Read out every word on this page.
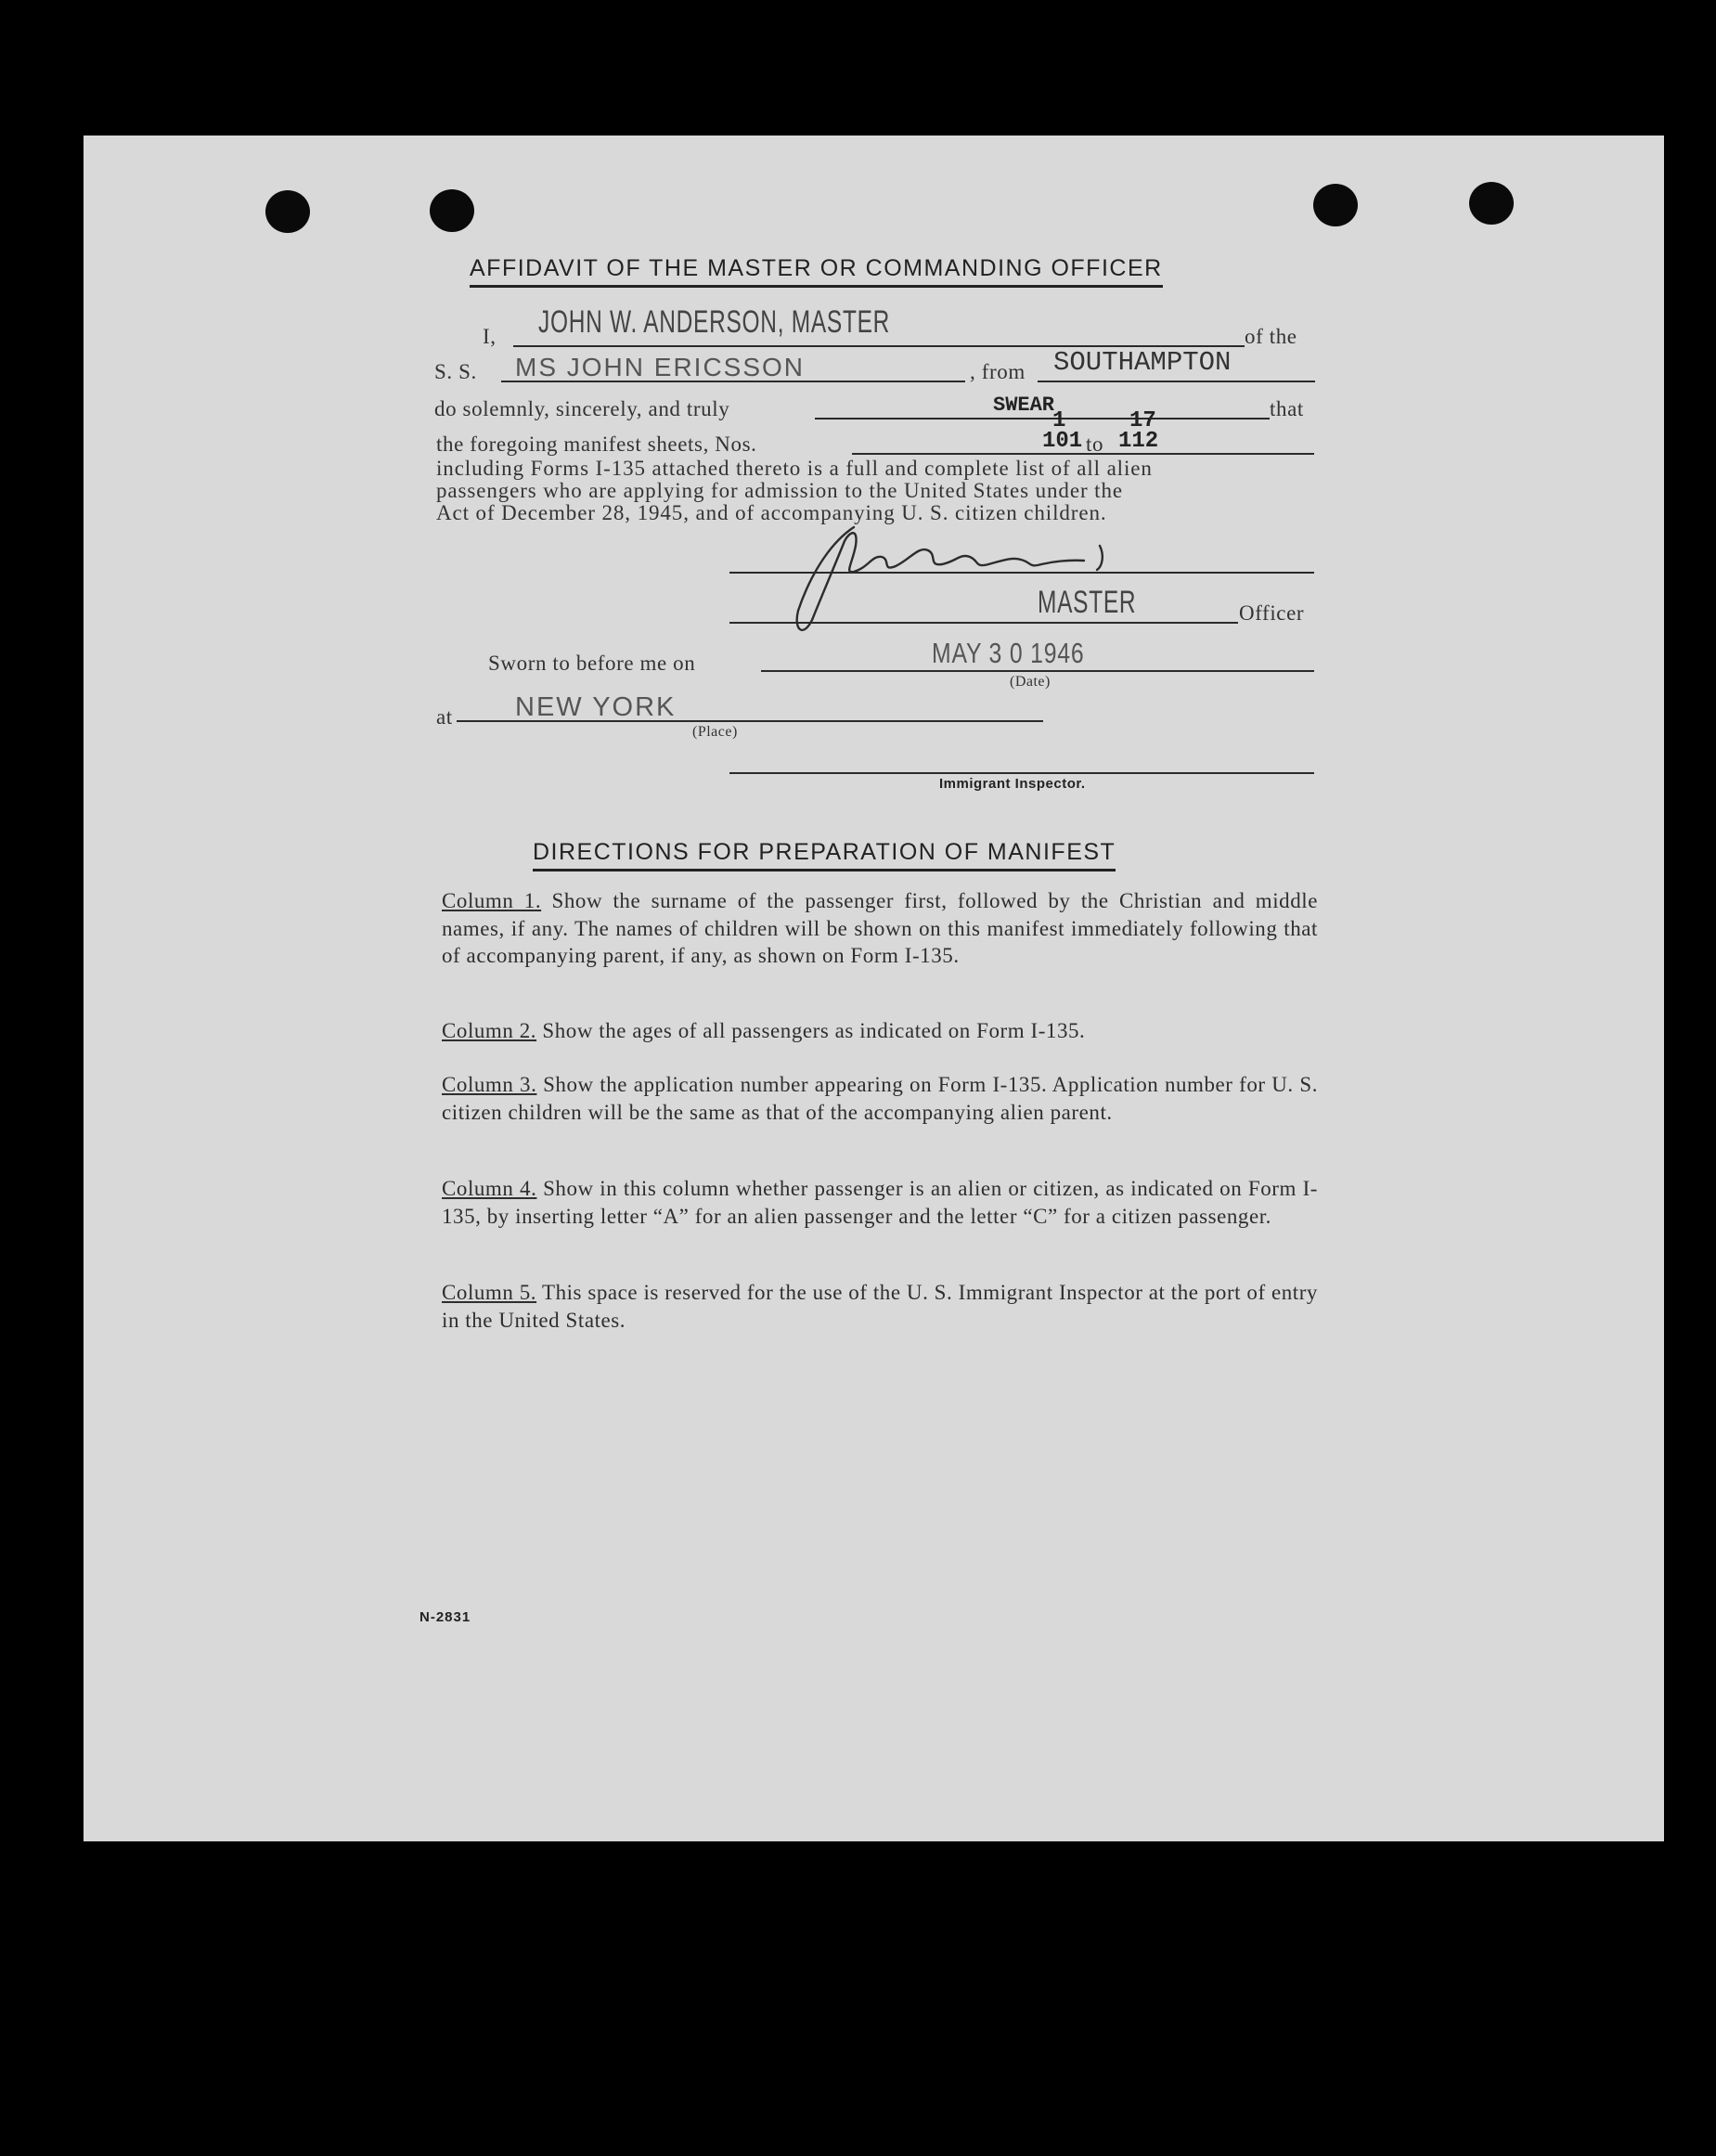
AFFIDAVIT OF THE MASTER OR COMMANDING OFFICER
I, JOHN W. ANDERSON, MASTER	of the
S. S. MS JOHN ERICSSON	, from SOUTHAMPTON
do solemnly, sincerely, and truly	SWEAR	that
the foregoing manifest sheets, Nos.
1	17
101 to 112
including Forms I-135 attached thereto is a full and complete list of all alien
passengers who are applying for admission to the United States under the
Act of December 28, 1945, and of accompanying U. S. citizen children.
MASTER	Officer
Sworn to before me on	MAY 3 0 1946
(Date)
at NEW YORK
(Place)
Immigrant Inspector.
DIRECTIONS FOR PREPARATION OF MANIFEST
Column 1. Show the surname of the passenger first, followed by the Christian and middle names, if any. The names of children will be shown on this manifest immediately following that of accompanying parent, if any, as shown on Form I-135.
Column 2. Show the ages of all passengers as indicated on Form I-135.
Column 3. Show the application number appearing on Form I-135. Application number for U. S. citizen children will be the same as that of the accompanying alien parent.
Column 4. Show in this column whether passenger is an alien or citizen, as indicated on Form I-135, by inserting letter “A” for an alien passenger and the letter “C” for a citizen passenger.
Column 5. This space is reserved for the use of the U. S. Immigrant Inspector at the port of entry in the United States.
N-2831
